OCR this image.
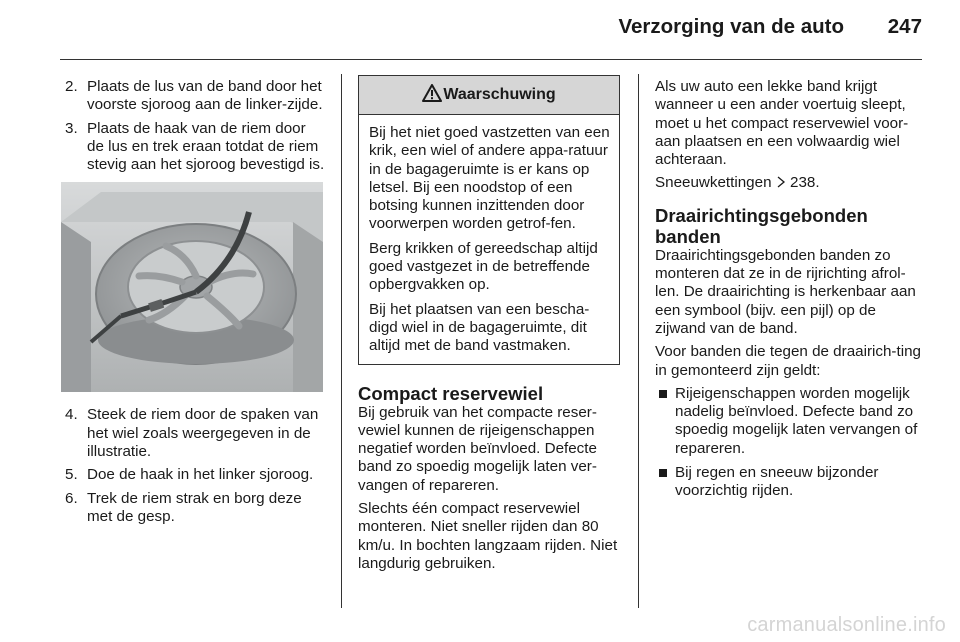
Verzorging van de auto 247
2. Plaats de lus van de band door het voorste sjoroog aan de linker-zijde.
3. Plaats de haak van de riem door de lus en trek eraan totdat de riem stevig aan het sjoroog bevestigd is.
4. Steek de riem door de spaken van het wiel zoals weergegeven in de illustratie.
5. Doe de haak in het linker sjoroog.
6. Trek de riem strak en borg deze met de gesp.
Waarschuwing

Bij het niet goed vastzetten van een krik, een wiel of andere appa-ratuur in de bagageruimte is er kans op letsel. Bij een noodstop of een botsing kunnen inzittenden door voorwerpen worden getrof-fen.

Berg krikken of gereedschap altijd goed vastgezet in de betreffende opbergvakken op.

Bij het plaatsen van een bescha-digd wiel in de bagageruimte, dit altijd met de band vastmaken.

Compact reservewiel

Bij gebruik van het compacte reser-vewiel kunnen de rijeigenschappen negatief worden beïnvloed. Defecte band zo spoedig mogelijk laten ver-vangen of repareren.

Slechts één compact reservewiel monteren. Niet sneller rijden dan 80 km/u. In bochten langzaam rijden. Niet langdurig gebruiken.

Als uw auto een lekke band krijgt wanneer u een ander voertuig sleept, moet u het compact reservewiel voor-aan plaatsen en een volwaardig wiel achteraan.

Sneeuwkettingen 238.

Draairichtingsgebonden banden

Draairichtingsgebonden banden zo monteren dat ze in de rijrichting afrol-len. De draairichting is herkenbaar aan een symbool (bijv. een pijl) op de zijwand van de band.

Voor banden die tegen de draairich-ting in gemonteerd zijn geldt:

Rijeigenschappen worden mogelijk nadelig beïnvloed. Defecte band zo spoedig mogelijk laten vervangen of repareren.
Bij regen en sneeuw bijzonder voorzichtig rijden.
carmanualsonline.info
